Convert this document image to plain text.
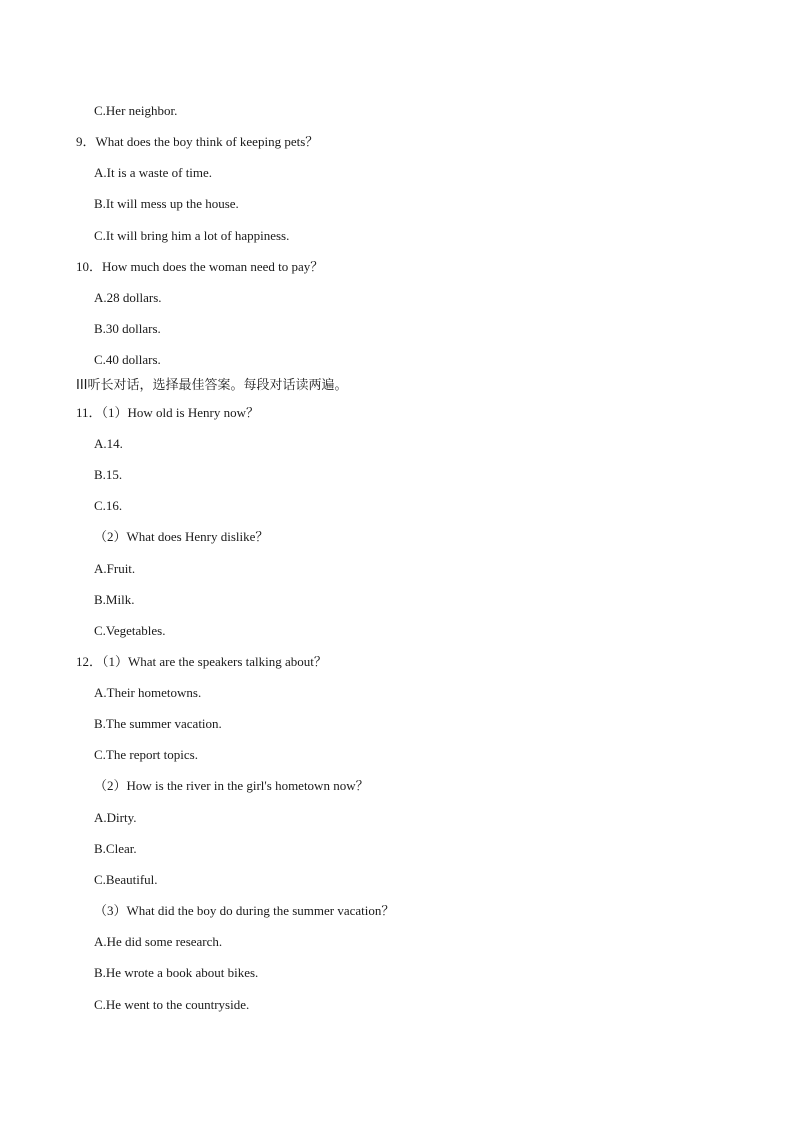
C.Her neighbor.
9．What does the boy think of keeping pets？
A.It is a waste of time.
B.It will mess up the house.
C.It will bring him a lot of happiness.
10．How much does the woman need to pay？
A.28 dollars.
B.30 dollars.
C.40 dollars.
III听长对话，选择最佳答案。每段对话读两遍。
11．（1）How old is Henry now？
A.14.
B.15.
C.16.
（2）What does Henry dislike？
A.Fruit.
B.Milk.
C.Vegetables.
12．（1）What are the speakers talking about？
A.Their hometowns.
B.The summer vacation.
C.The report topics.
（2）How is the river in the girl's hometown now？
A.Dirty.
B.Clear.
C.Beautiful.
（3）What did the boy do during the summer vacation？
A.He did some research.
B.He wrote a book about bikes.
C.He went to the countryside.
